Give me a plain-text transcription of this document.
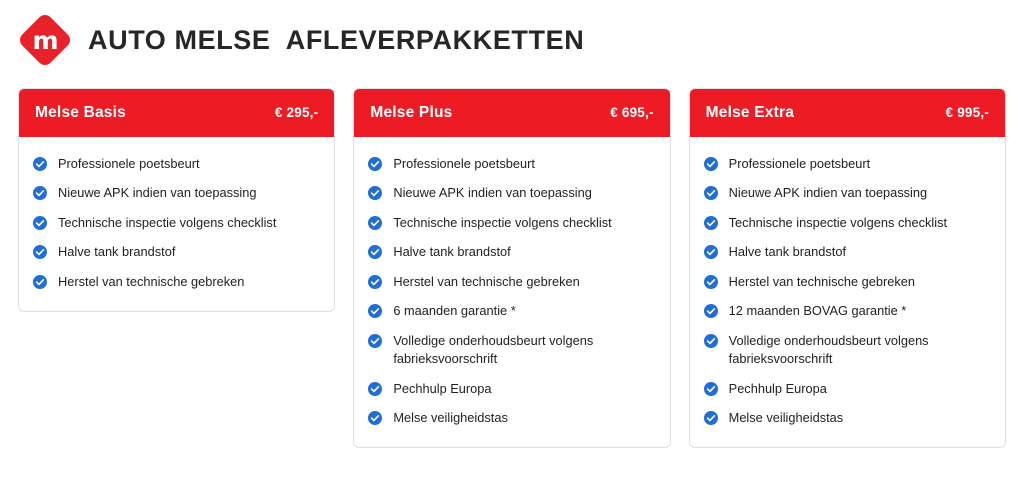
m	AUTO MELSE  AFLEVERPAKKETTEN
Melse Basis	€ 295,-
Professionele poetsbeurt
Nieuwe APK indien van toepassing
Technische inspectie volgens checklist
Halve tank brandstof
Herstel van technische gebreken
Melse Plus	€ 695,-
Professionele poetsbeurt
Nieuwe APK indien van toepassing
Technische inspectie volgens checklist
Halve tank brandstof
Herstel van technische gebreken
6 maanden garantie *
Volledige onderhoudsbeurt volgens fabrieksvoorschrift
Pechhulp Europa
Melse veiligheidstas
Melse Extra	€ 995,-
Professionele poetsbeurt
Nieuwe APK indien van toepassing
Technische inspectie volgens checklist
Halve tank brandstof
Herstel van technische gebreken
12 maanden BOVAG garantie *
Volledige onderhoudsbeurt volgens fabrieksvoorschrift
Pechhulp Europa
Melse veiligheidstas
